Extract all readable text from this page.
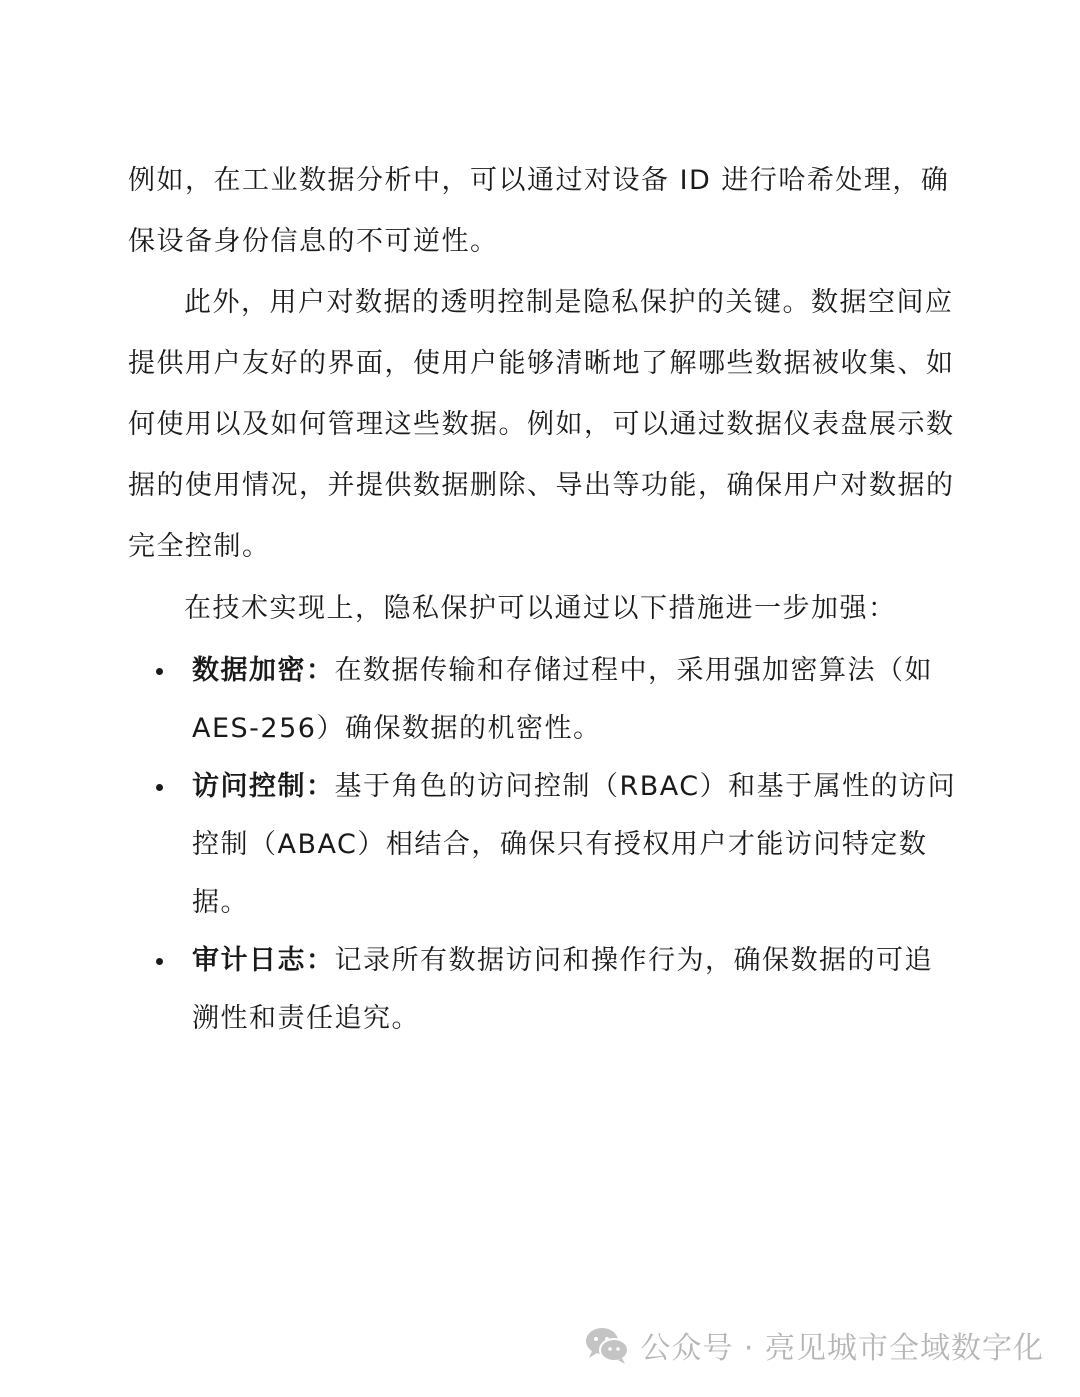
例如，在工业数据分析中，可以通过对设备 ID 进行哈希处理，确
保设备身份信息的不可逆性。

此外，用户对数据的透明控制是隐私保护的关键。数据空间应
提供用户友好的界面，使用户能够清晰地了解哪些数据被收集、如
何使用以及如何管理这些数据。例如，可以通过数据仪表盘展示数
据的使用情况，并提供数据删除、导出等功能，确保用户对数据的
完全控制。

在技术实现上，隐私保护可以通过以下措施进一步加强：

数据加密：在数据传输和存储过程中，采用强加密算法（如
AES-256）确保数据的机密性。
访问控制：基于角色的访问控制（RBAC）和基于属性的访问
控制（ABAC）相结合，确保只有授权用户才能访问特定数
据。
审计日志：记录所有数据访问和操作行为，确保数据的可追
溯性和责任追究。
公众号 · 亮见城市全域数字化
